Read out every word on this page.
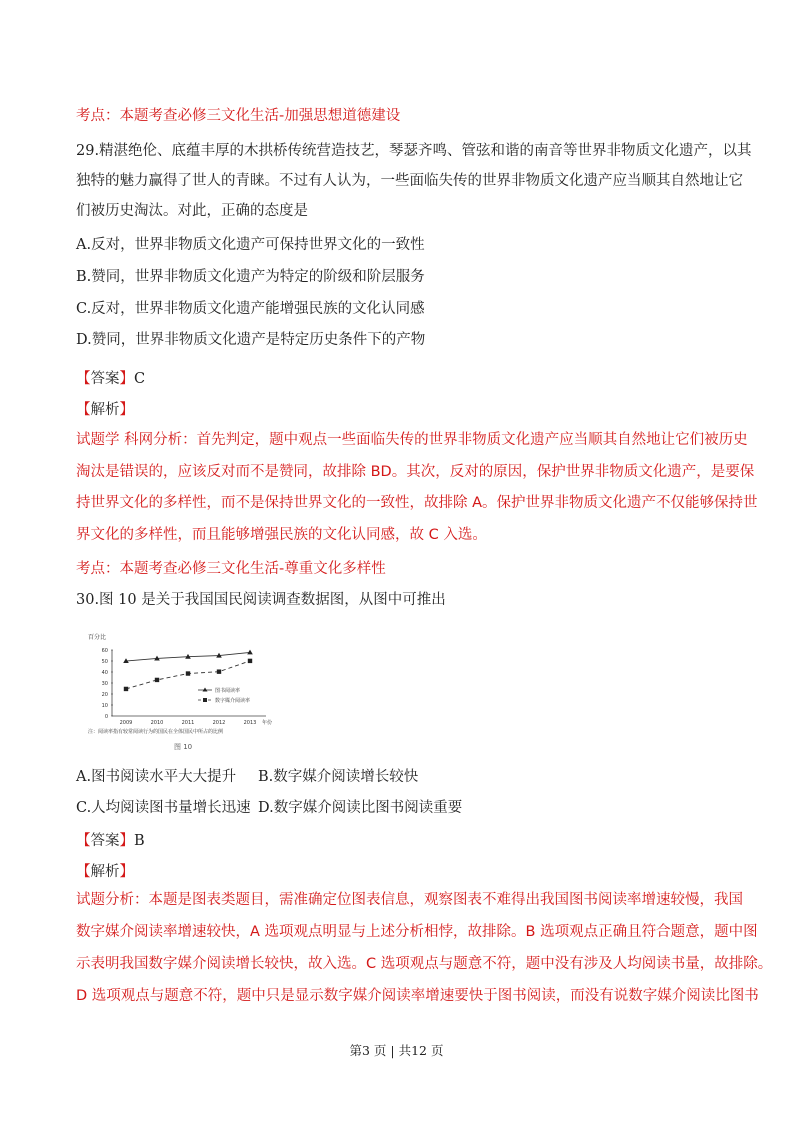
考点：本题考查必修三文化生活-加强思想道德建设
29.精湛绝伦、底蕴丰厚的木拱桥传统营造技艺，琴瑟齐鸣、管弦和谐的南音等世界非物质文化遗产，以其
独特的魅力赢得了世人的青睐。不过有人认为，一些面临失传的世界非物质文化遗产应当顺其自然地让它
们被历史淘汰。对此，正确的态度是
A.反对，世界非物质文化遗产可保持世界文化的一致性
B.赞同，世界非物质文化遗产为特定的阶级和阶层服务
C.反对，世界非物质文化遗产能增强民族的文化认同感
D.赞同，世界非物质文化遗产是特定历史条件下的产物
【答案】C
【解析】
试题学 科网分析：首先判定，题中观点一些面临失传的世界非物质文化遗产应当顺其自然地让它们被历史
淘汰是错误的，应该反对而不是赞同，故排除 BD。其次，反对的原因，保护世界非物质文化遗产，是要保
持世界文化的多样性，而不是保持世界文化的一致性，故排除 A。保护世界非物质文化遗产不仅能够保持世
界文化的多样性，而且能够增强民族的文化认同感，故 C 入选。
考点：本题考查必修三文化生活-尊重文化多样性
30.图 10 是关于我国国民阅读调查数据图，从图中可推出
百分比
0
10
20
30
40
50
60
2009	2010	2011	2012	2013 年份
图书阅读率
数字媒介阅读率
注：阅读率指有较常阅读行为的国民在全体国民中所占的比例
图 10
A.图书阅读水平大大提升 B.数字媒介阅读增长较快
C.人均阅读图书量增长迅速 D.数字媒介阅读比图书阅读重要
【答案】B
【解析】
试题分析：本题是图表类题目，需准确定位图表信息，观察图表不难得出我国图书阅读率增速较慢，我国
数字媒介阅读率增速较快，A 选项观点明显与上述分析相悖，故排除。B 选项观点正确且符合题意，题中图
示表明我国数字媒介阅读增长较快，故入选。C 选项观点与题意不符，题中没有涉及人均阅读书量，故排除。
D 选项观点与题意不符，题中只是显示数字媒介阅读率增速要快于图书阅读，而没有说数字媒介阅读比图书
第3 页 | 共12 页
